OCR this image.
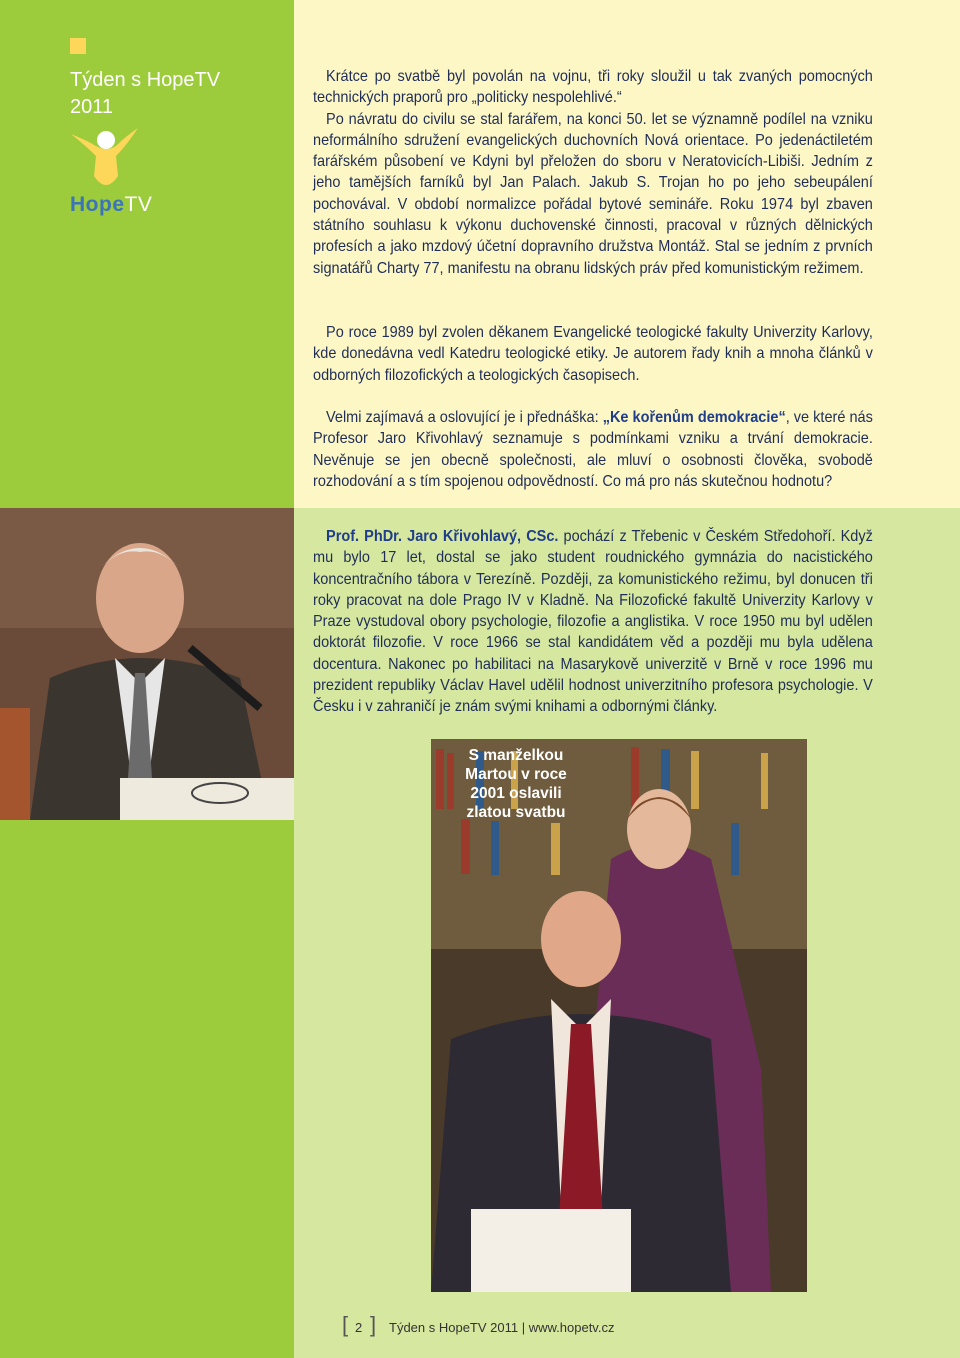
Týden s HopeTV
2011
HopeTV

Krátce po svatbě byl povolán na vojnu, tři roky sloužil u tak zvaných pomocných technických praporů pro „politicky nespolehlivé.“

Po návratu do civilu se stal farářem, na konci 50. let se významně podílel na vzniku neformálního sdružení evangelických duchovních Nová orientace. Po jedenáctiletém farářském působení ve Kdyni byl přeložen do sboru v Neratovicích-Libiši. Jedním z jeho tamějších farníků byl Jan Palach. Jakub S. Trojan ho po jeho sebeupálení pochovával. V období normalizce pořádal bytové semináře. Roku 1974 byl zbaven státního souhlasu k výkonu duchovenské činnosti, pracoval v různých dělnických profesích a jako mzdový účetní dopravního družstva Montáž. Stal se jedním z prvních signatářů Charty 77, manifestu na obranu lidských práv před komunistickým režimem.

Po roce 1989 byl zvolen děkanem Evangelické teologické fakulty Univerzity Karlovy, kde donedávna vedl Katedru teologické etiky. Je autorem řady knih a mnoha článků v odborných filozofických a teologických časopisech.

Velmi zajímavá a oslovující je i přednáška: „Ke kořenům demokracie“, ve které nás Profesor Jaro Křivohlavý seznamuje s podmínkami vzniku a trvání demokracie. Nevěnuje se jen obecně společnosti, ale mluví o osobnosti člověka, svobodě rozhodování a s tím spojenou odpovědností. Co má pro nás skutečnou hodnotu?

Prof. PhDr. Jaro Křivohlavý, CSc. pochází z Třebenic v Českém Středohoří. Když mu bylo 17 let, dostal se jako student roudnického gymnázia do nacistického koncentračního tábora v Terezíně. Později, za komunistického režimu, byl donucen tři roky pracovat na dole Prago IV v Kladně. Na Filozofické fakultě Univerzity Karlovy v Praze vystudoval obory psychologie, filozofie a anglistika. V roce 1950 mu byl udělen doktorát filozofie. V roce 1966 se stal kandidátem věd a později mu byla udělena docentura. Nakonec po habilitaci na Masarykově univerzitě v Brně v roce 1996 mu prezident republiky Václav Havel udělil hodnost univerzitního profesora psychologie. V Česku i v zahraničí je znám svými knihami a odbornými články.

S manželkou Martou v roce 2001 oslavili zlatou svatbu
[ 2 ] Týden s HopeTV 2011 | www.hopetv.cz
